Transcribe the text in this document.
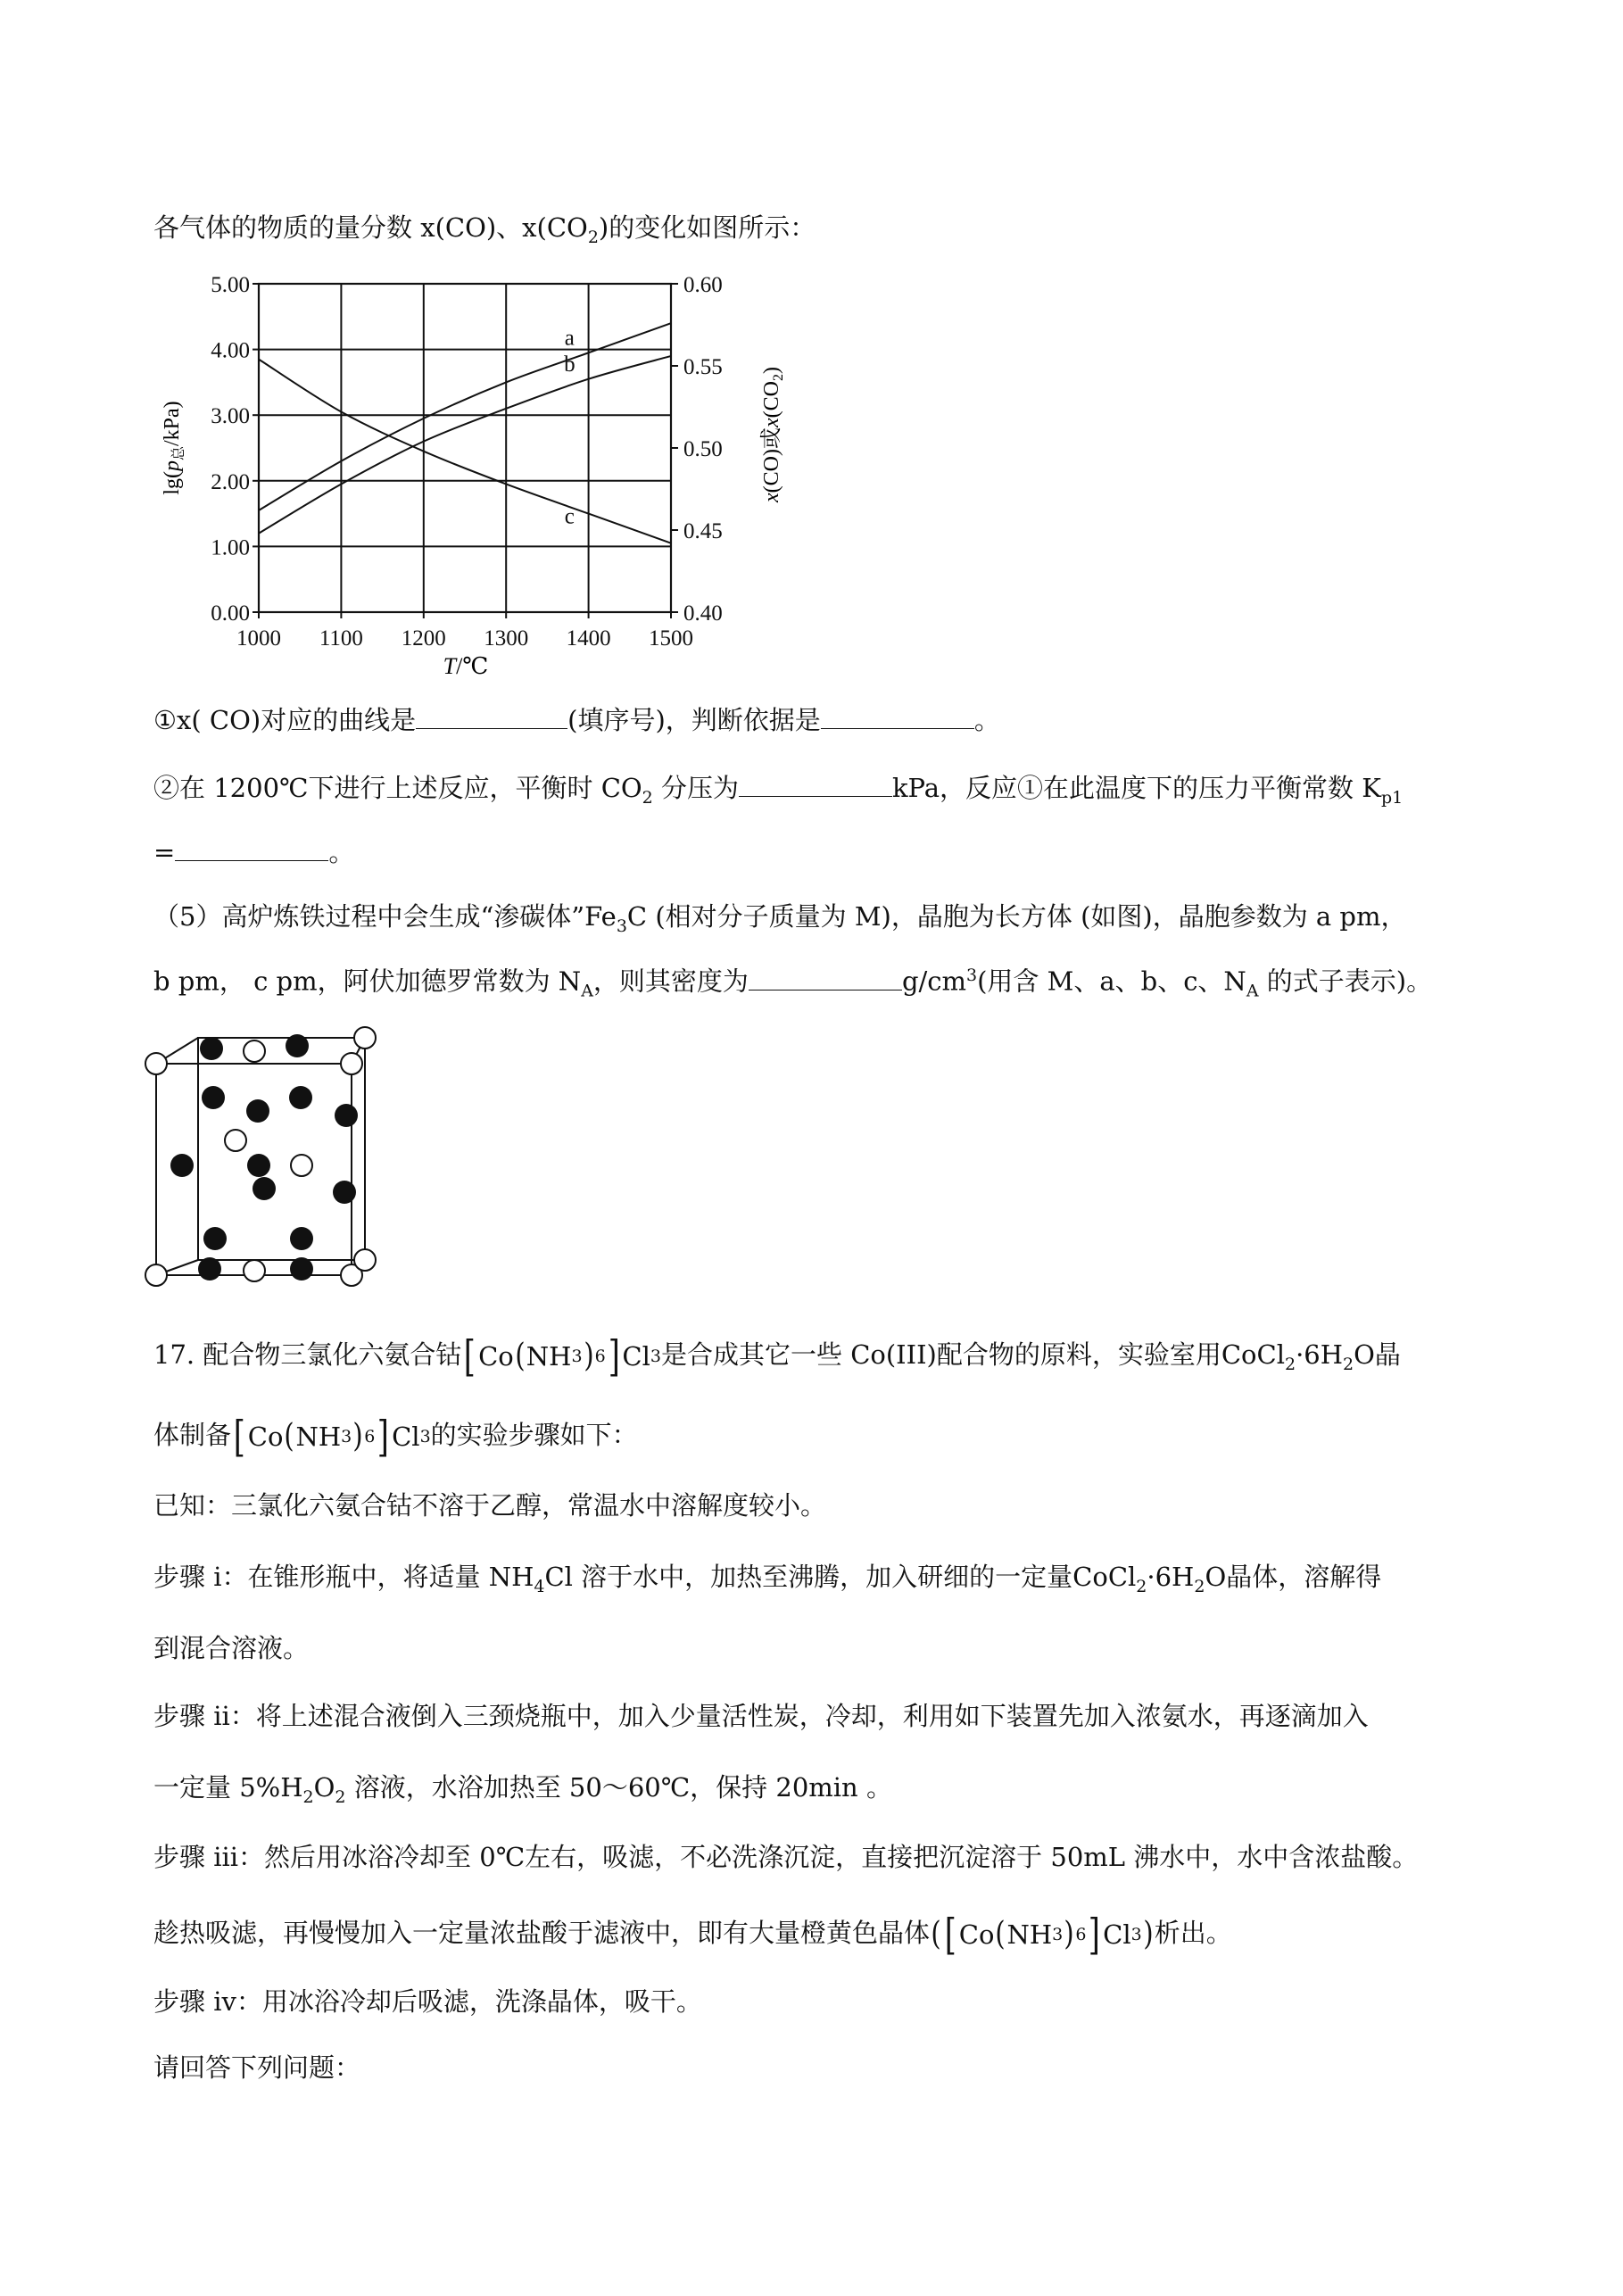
各气体的物质的量分数 x(CO)、$x(CO_2)$的变化如图所示：
a
b
c
1000 1100 1200 1300 1400 1500
0.00
1.00
2.00
3.00
4.00
5.00
0.40
0.45
0.50
0.55
0.60
T/℃
$\lg(p_总/kPa)$
x(CO)或$x(CO_2)$
①x( CO)对应的曲线是	(填序号)，判断依据是	。
②在 1200℃下进行上述反应，平衡时 $CO_2$ 分压为	kPa，反应①在此温度下的压力平衡常数 $K_{p1}$
=	。
（5）高炉炼铁过程中会生成“渗碳体$”Fe_3C$ (相对分子质量为 M)，晶胞为长方体 (如图)，晶胞参数为 a pm，
b pm， c pm，阿伏加德罗常数为 $N_A$，则其密度为	$g/cm^3$(用含 M、a、b、c、$N_A$ 的式子表示)。
17. 配合物三氯化六氨合钴 [ Co ( NH 3 ) 6 ] Cl 3 是合成其它一些 Co(III)配合物的原料，实验室用$CoCl_2\cdot 6H_2O$晶
体制备 [ Co ( NH 3 ) 6 ] Cl 3 的实验步骤如下：
已知：三氯化六氨合钴不溶于乙醇，常温水中溶解度较小。
步骤 i：在锥形瓶中，将适量 $NH_4Cl$ 溶于水中，加热至沸腾，加入研细的一定量$CoCl_2\cdot 6H_2O$晶体，溶解得
到混合溶液。
步骤 ii：将上述混合液倒入三颈烧瓶中，加入少量活性炭，冷却，利用如下装置先加入浓氨水，再逐滴加入
一定量 $5\%H_2O_2$ 溶液，水浴加热至 50～60℃，保持 20min 。
步骤 iii：然后用冰浴冷却至 0℃左右，吸滤，不必洗涤沉淀，直接把沉淀溶于 50mL 沸水中，水中含浓盐酸。
趁热吸滤，再慢慢加入一定量浓盐酸于滤液中，即有大量橙黄色晶体 ( [ Co ( NH 3 ) 6 ] Cl 3 ) 析出。
步骤 iv：用冰浴冷却后吸滤，洗涤晶体，吸干。
请回答下列问题：
